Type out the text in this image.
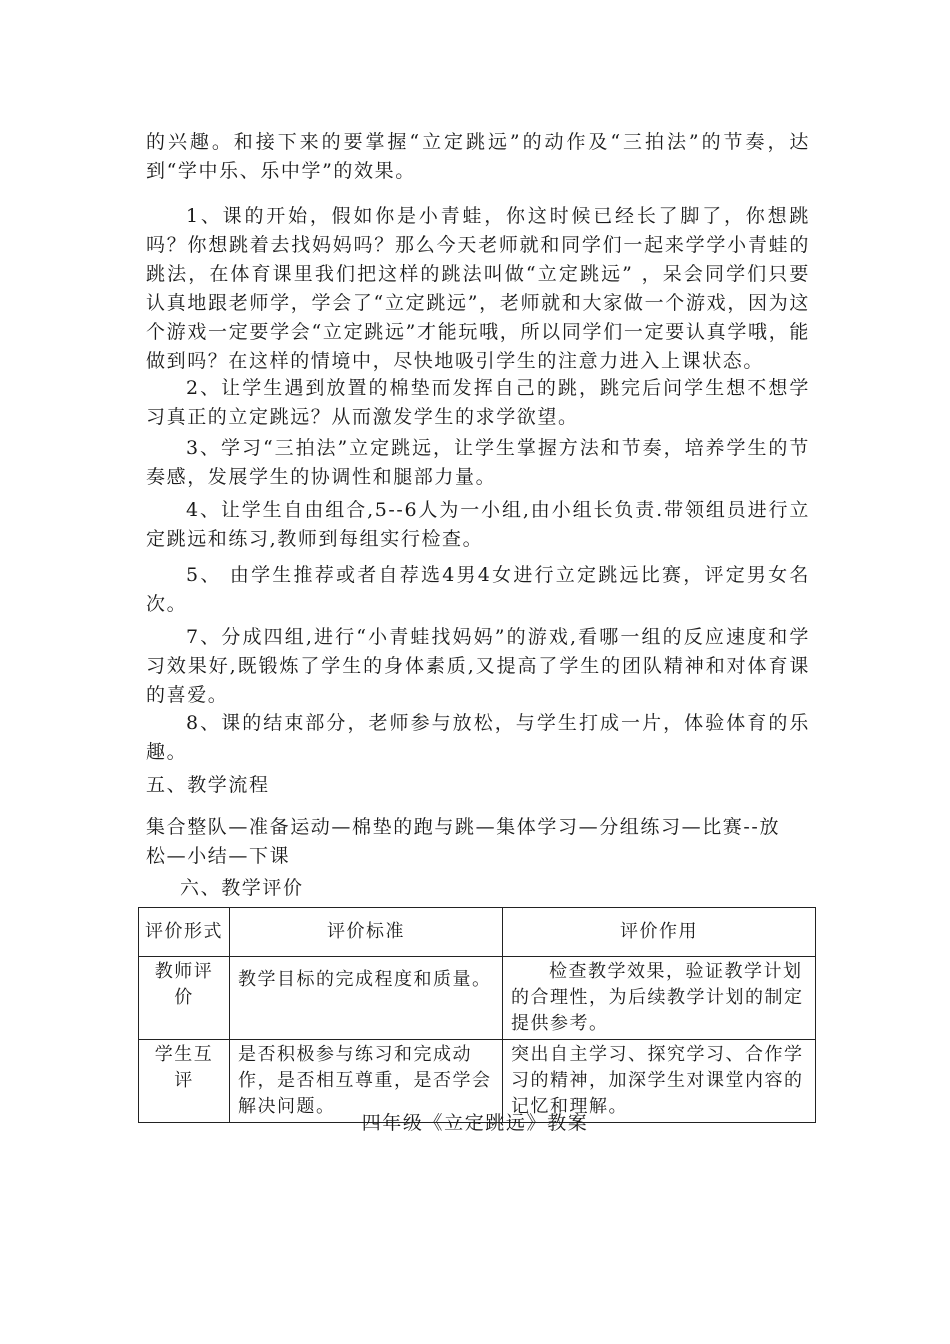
的兴趣。和接下来的要掌握“立定跳远”的动作及“三拍法”的节奏，达到“学中乐、乐中学”的效果。

1、课的开始，假如你是小青蛙，你这时候已经长了脚了，你想跳吗？你想跳着去找妈妈吗？那么今天老师就和同学们一起来学学小青蛙的跳法，在体育课里我们把这样的跳法叫做“立定跳远” ，呆会同学们只要认真地跟老师学，学会了“立定跳远”，老师就和大家做一个游戏，因为这个游戏一定要学会“立定跳远”才能玩哦，所以同学们一定要认真学哦，能做到吗？在这样的情境中，尽快地吸引学生的注意力进入上课状态。

2、让学生遇到放置的棉垫而发挥自己的跳，跳完后问学生想不想学习真正的立定跳远？从而激发学生的求学欲望。

3、学习“三拍法”立定跳远，让学生掌握方法和节奏，培养学生的节奏感，发展学生的协调性和腿部力量。

4、让学生自由组合,5--6人为一小组,由小组长负责.带领组员进行立定跳远和练习,教师到每组实行检查。

5、 由学生推荐或者自荐选4男4女进行立定跳远比赛，评定男女名次。

7、分成四组,进行“小青蛙找妈妈”的游戏,看哪一组的反应速度和学习效果好,既锻炼了学生的身体素质,又提高了学生的团队精神和对体育课的喜爱。

8、课的结束部分，老师参与放松，与学生打成一片，体验体育的乐趣。

五、教学流程

集合整队—准备运动—棉垫的跑与跳—集体学习—分组练习—比赛--放松—小结—下课

六、教学评价

评价形式	评价标准	评价作用
教师评价	教学目标的完成程度和质量。	检查教学效果，验证教学计划的合理性，为后续教学计划的制定提供参考。

学生互评	是否积极参与练习和完成动作，是否相互尊重，是否学会解决问题。	突出自主学习、探究学习、合作学习的精神，加深学生对课堂内容的记忆和理解。
四年级《立定跳远》教案
